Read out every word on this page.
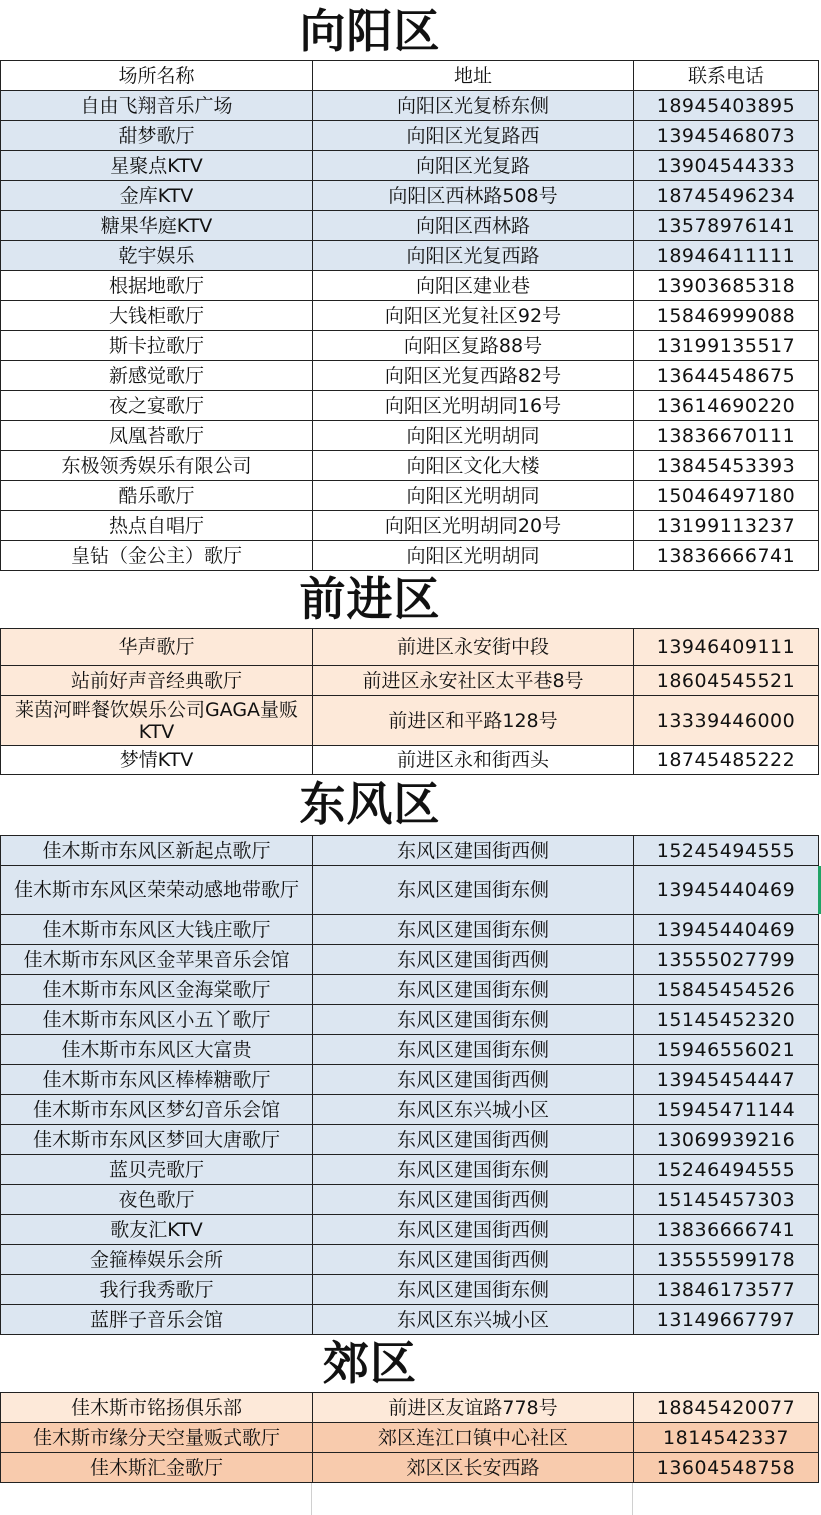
向阳区
场所名称	地址	联系电话
自由飞翔音乐广场	向阳区光复桥东侧	18945403895
甜梦歌厅	向阳区光复路西	13945468073
星聚点KTV	向阳区光复路	13904544333
金库KTV	向阳区西林路508号	18745496234
糖果华庭KTV	向阳区西林路	13578976141
乾宇娱乐	向阳区光复西路	18946411111
根据地歌厅	向阳区建业巷	13903685318
大钱柜歌厅	向阳区光复社区92号	15846999088
斯卡拉歌厅	向阳区复路88号	13199135517
新感觉歌厅	向阳区光复西路82号	13644548675
夜之宴歌厅	向阳区光明胡同16号	13614690220
凤凰苔歌厅	向阳区光明胡同	13836670111
东极领秀娱乐有限公司	向阳区文化大楼	13845453393
酷乐歌厅	向阳区光明胡同	15046497180
热点自唱厅	向阳区光明胡同20号	13199113237
皇钻（金公主）歌厅	向阳区光明胡同	13836666741
前进区
华声歌厅	前进区永安街中段	13946409111
站前好声音经典歌厅	前进区永安社区太平巷8号	18604545521
莱茵河畔餐饮娱乐公司GAGA量贩KTV	前进区和平路128号	13339446000
梦情KTV	前进区永和街西头	18745485222
东风区
佳木斯市东风区新起点歌厅	东风区建国街西侧	15245494555
佳木斯市东风区荣荣动感地带歌厅	东风区建国街东侧	13945440469
佳木斯市东风区大钱庄歌厅	东风区建国街东侧	13945440469
佳木斯市东风区金苹果音乐会馆	东风区建国街西侧	13555027799
佳木斯市东风区金海棠歌厅	东风区建国街东侧	15845454526
佳木斯市东风区小五丫歌厅	东风区建国街东侧	15145452320
佳木斯市东风区大富贵	东风区建国街东侧	15946556021
佳木斯市东风区棒棒糖歌厅	东风区建国街西侧	13945454447
佳木斯市东风区梦幻音乐会馆	东风区东兴城小区	15945471144
佳木斯市东风区梦回大唐歌厅	东风区建国街西侧	13069939216
蓝贝壳歌厅	东风区建国街东侧	15246494555
夜色歌厅	东风区建国街西侧	15145457303
歌友汇KTV	东风区建国街西侧	13836666741
金箍棒娱乐会所	东风区建国街西侧	13555599178
我行我秀歌厅	东风区建国街东侧	13846173577
蓝胖子音乐会馆	东风区东兴城小区	13149667797
郊区
佳木斯市铭扬俱乐部	前进区友谊路778号	18845420077
佳木斯市缘分天空量贩式歌厅	郊区连江口镇中心社区	1814542337
佳木斯汇金歌厅	郊区区长安西路	13604548758
